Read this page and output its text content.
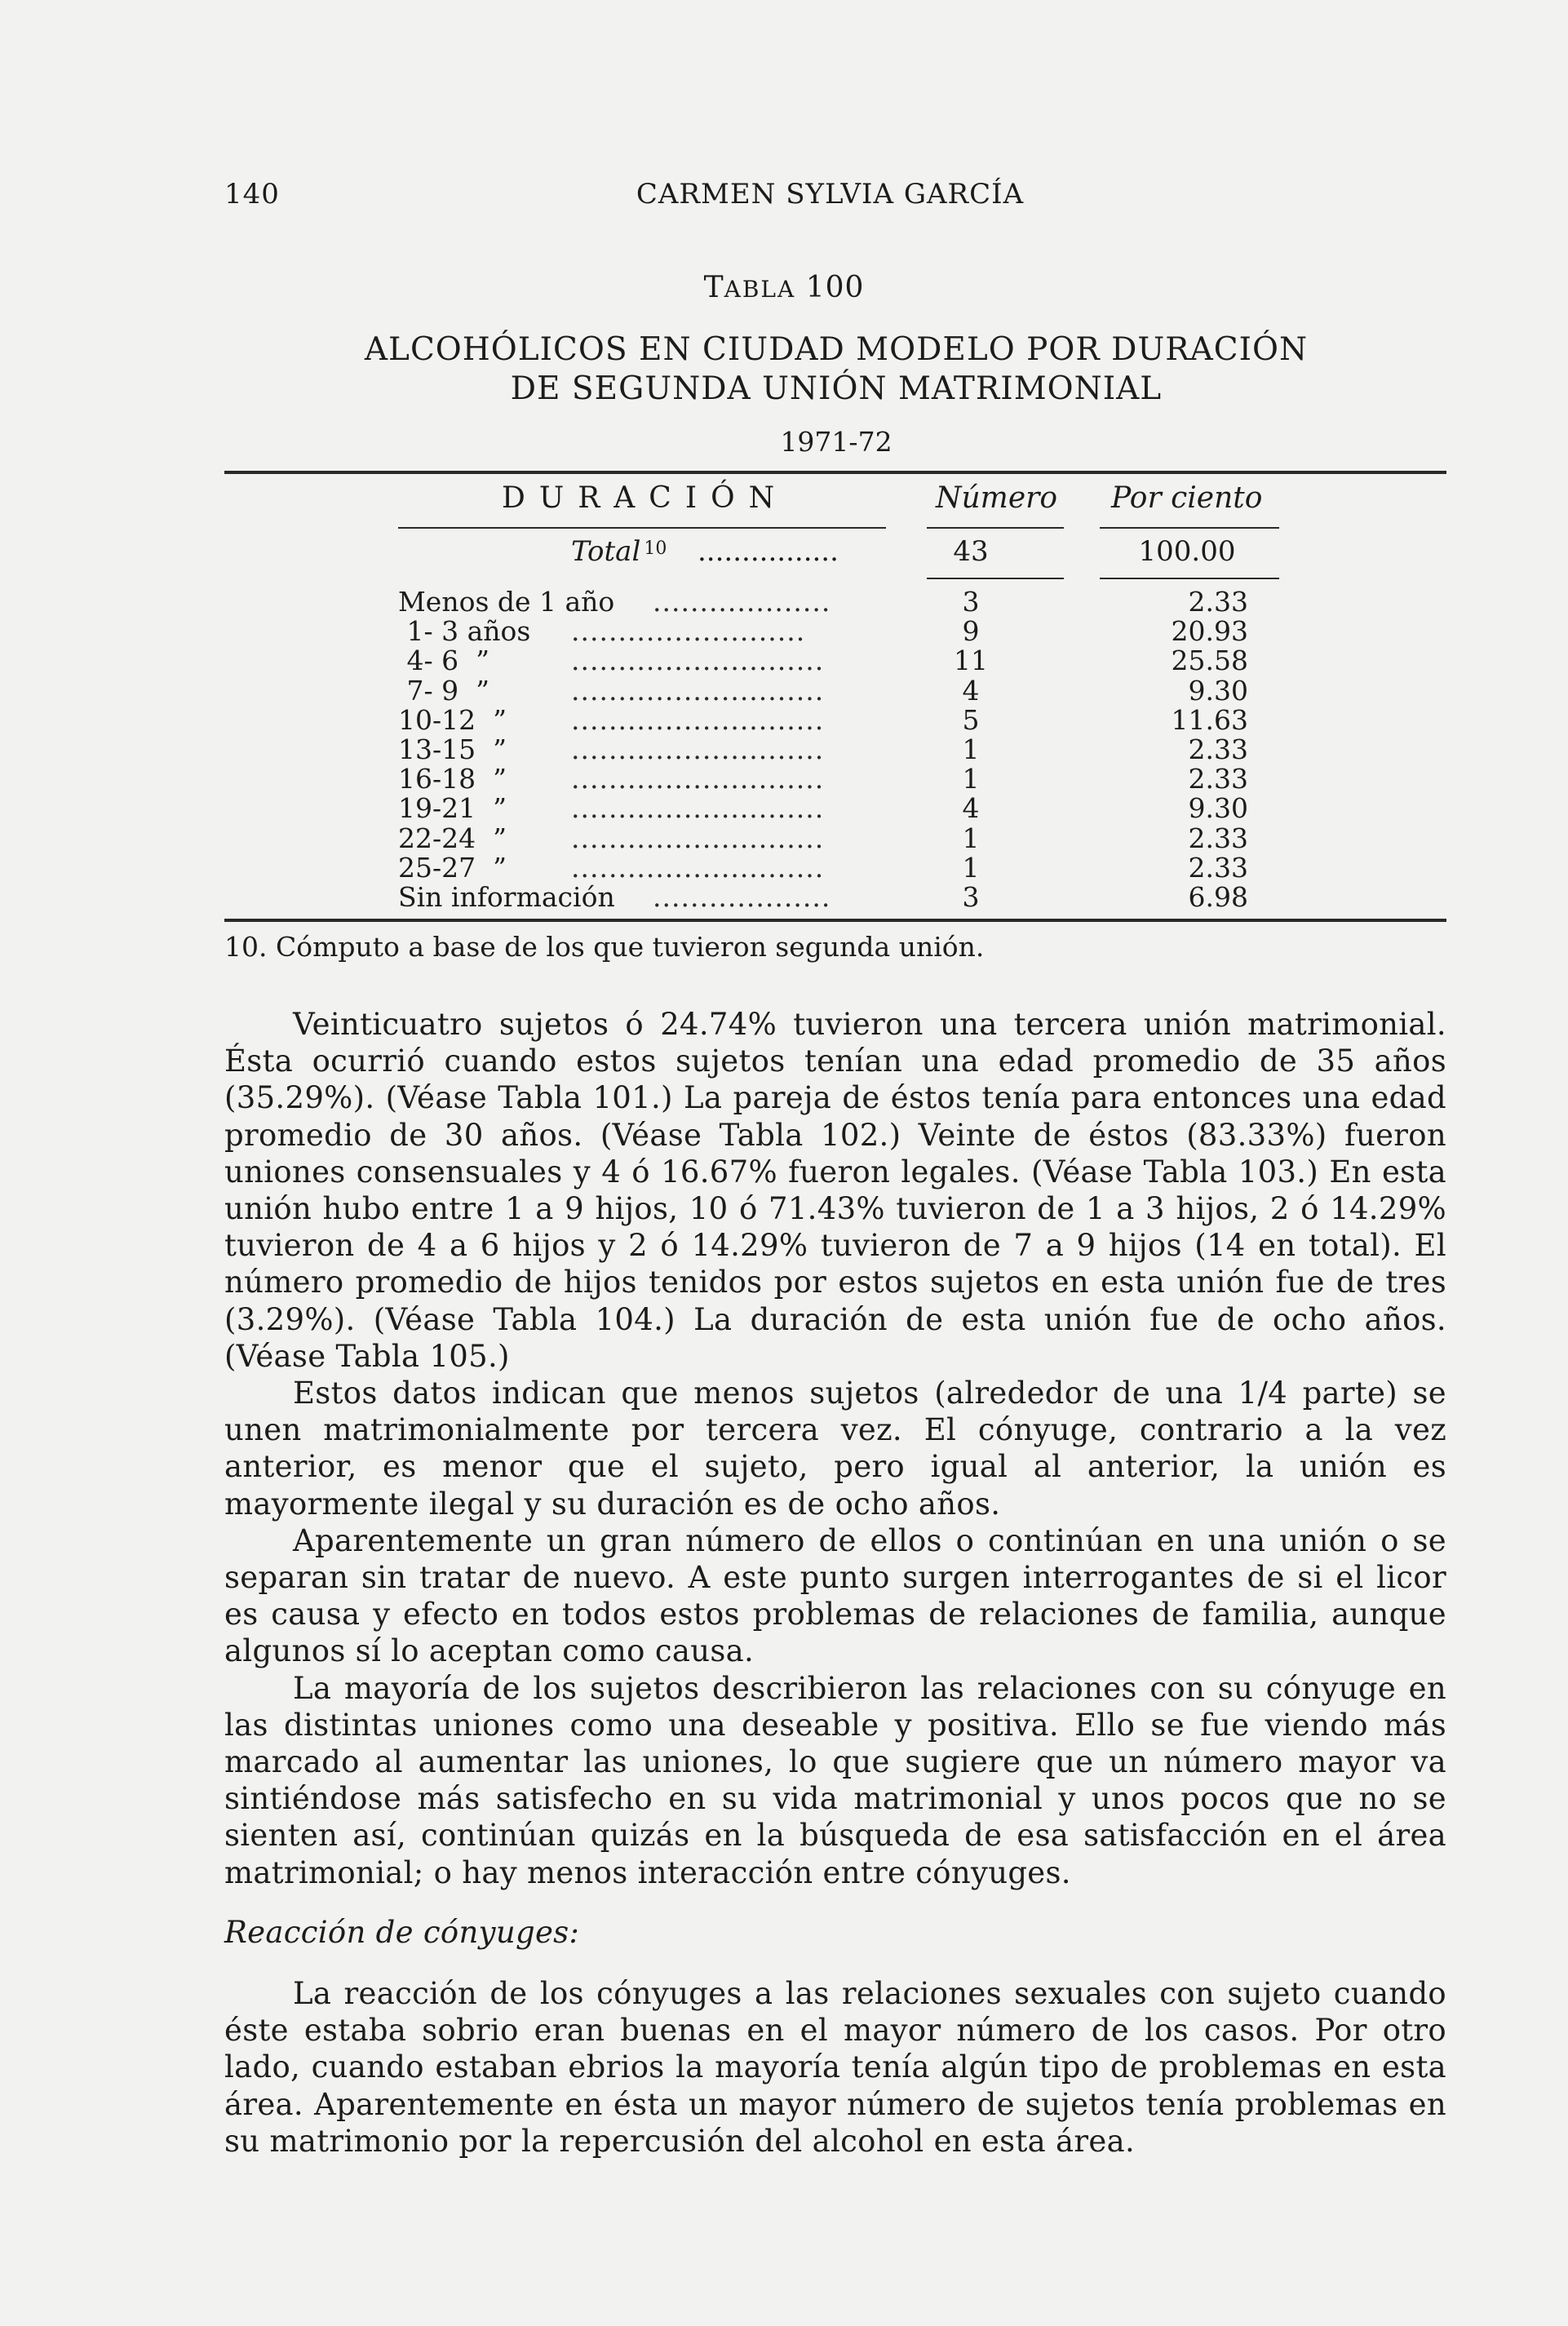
140	CARMEN SYLVIA GARCÍA
TABLA 100
ALCOHÓLICOS EN CIUDAD MODELO POR DURACIÓN
DE SEGUNDA UNIÓN MATRIMONIAL
1971-72
DURACIÓN	Número Por ciento
Total $^{10}$ ................	43	100.00
Menos de 1 año ...................	3	2.33
1- 3 años .........................	9	20.93
4- 6  ”	...........................	11	25.58
7- 9  ”	...........................	4	9.30
10-12  ” ...........................	5	11.63
13-15  ” ...........................	1	2.33
16-18  ” ...........................	1	2.33
19-21  ” ...........................	4	9.30
22-24  ” ...........................	1	2.33
25-27  ” ...........................	1	2.33
Sin información ...................	3	6.98
10. Cómputo a base de los que tuvieron segunda unión.

Veinticuatro sujetos ó 24.74% tuvieron una tercera unión matrimonial. Ésta ocurrió cuando estos sujetos tenían una edad promedio de 35 años (35.29%). (Véase Tabla 101.) La pareja de éstos tenía para entonces una edad promedio de 30 años. (Véase Tabla 102.) Veinte de éstos (83.33%) fueron uniones consensuales y 4 ó 16.67% fueron legales. (Véase Tabla 103.) En esta unión hubo entre 1 a 9 hijos, 10 ó 71.43% tuvieron de 1 a 3 hijos, 2 ó 14.29% tuvieron de 4 a 6 hijos y 2 ó 14.29% tuvieron de 7 a 9 hijos (14 en total). El número promedio de hijos tenidos por estos sujetos en esta unión fue de tres (3.29%). (Véase Tabla 104.) La duración de esta unión fue de ocho años. (Véase Tabla 105.)

Estos datos indican que menos sujetos (alrededor de una 1/4 parte) se unen matrimonialmente por tercera vez. El cónyuge, contrario a la vez anterior, es menor que el sujeto, pero igual al anterior, la unión es mayormente ilegal y su duración es de ocho años.

Aparentemente un gran número de ellos o continúan en una unión o se separan sin tratar de nuevo. A este punto surgen interrogantes de si el licor es causa y efecto en todos estos problemas de relaciones de familia, aunque algunos sí lo aceptan como causa.

La mayoría de los sujetos describieron las relaciones con su cónyuge en las distintas uniones como una deseable y positiva. Ello se fue viendo más marcado al aumentar las uniones, lo que sugiere que un número mayor va sintiéndose más satisfecho en su vida matrimonial y unos pocos que no se sienten así, continúan quizás en la búsqueda de esa satisfacción en el área matrimonial; o hay menos interacción entre cónyuges.

Reacción de cónyuges:

La reacción de los cónyuges a las relaciones sexuales con sujeto cuando éste estaba sobrio eran buenas en el mayor número de los casos. Por otro lado, cuando estaban ebrios la mayoría tenía algún tipo de problemas en esta área. Aparentemente en ésta un mayor número de sujetos tenía problemas en su matrimonio por la repercusión del alcohol en esta área.
